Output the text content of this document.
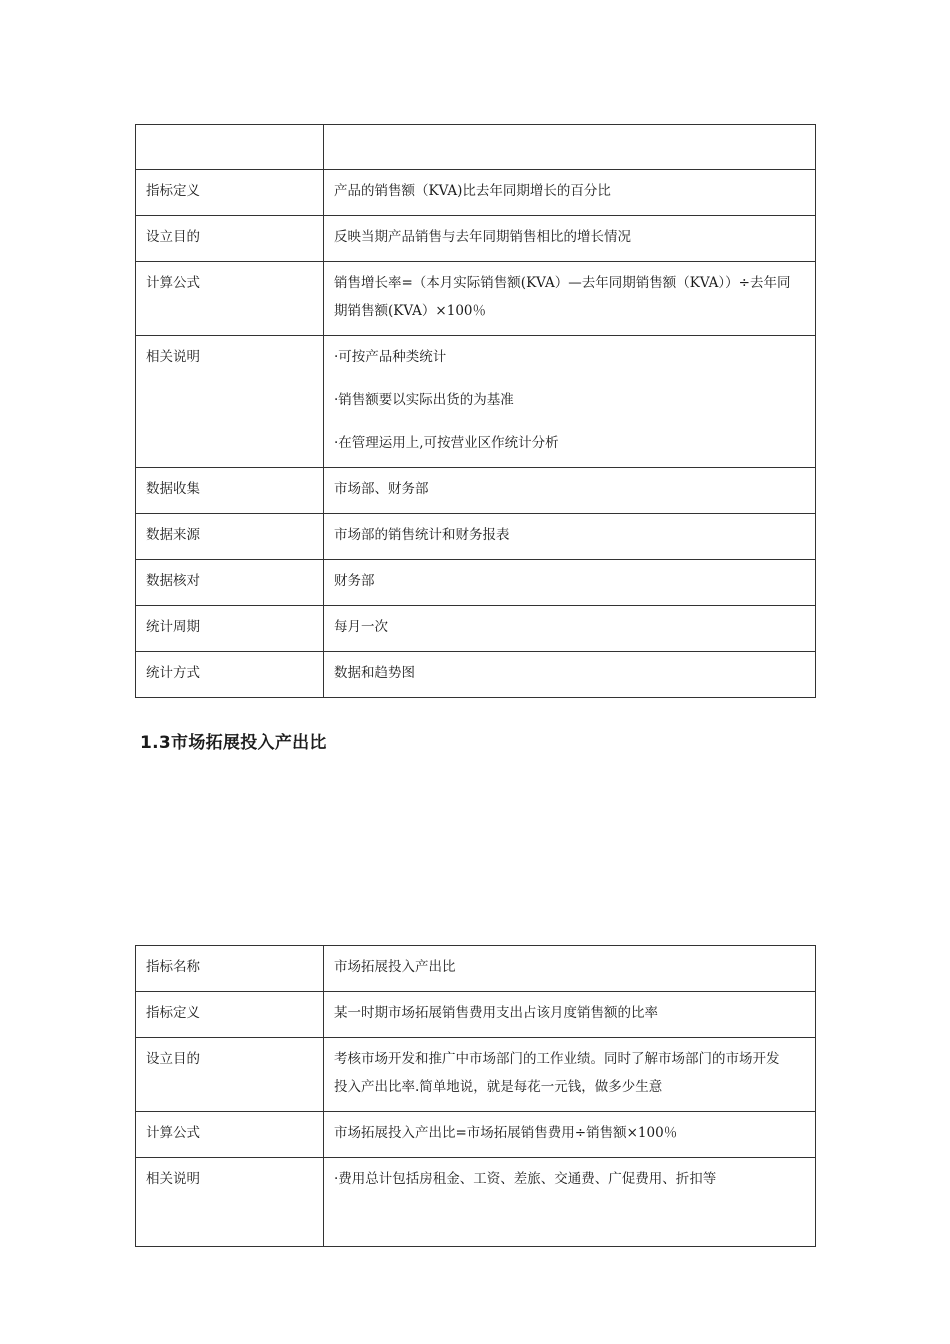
指标定义	产品的销售额（KVA)比去年同期增长的百分比
设立目的	反映当期产品销售与去年同期销售相比的增长情况
计算公式	销售增长率=（本月实际销售额(KVA）—去年同期销售额（KVA））÷去年同
期销售额(KVA）×100％

相关说明	·可按产品种类统计
·销售额要以实际出货的为基准
·在管理运用上,可按营业区作统计分析

数据收集	市场部、财务部
数据来源	市场部的销售统计和财务报表
数据核对	财务部
统计周期	每月一次
统计方式	数据和趋势图
1.3市场拓展投入产出比
指标名称	市场拓展投入产出比
指标定义	某一时期市场拓展销售费用支出占该月度销售额的比率
设立目的	考核市场开发和推广中市场部门的工作业绩。同时了解市场部门的市场开发
投入产出比率.简单地说，就是每花一元钱，做多少生意

计算公式	市场拓展投入产出比=市场拓展销售费用÷销售额×100％
相关说明	·费用总计包括房租金、工资、差旅、交通费、广促费用、折扣等
